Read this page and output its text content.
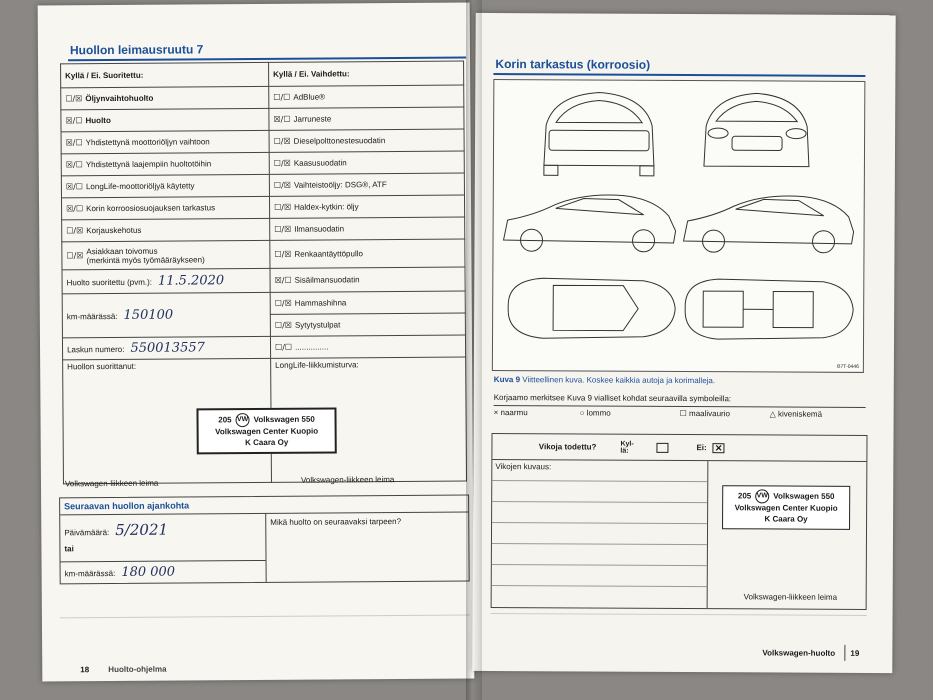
Huollon leimausruutu 7
Kyllä / Ei. Suoritettu:	Kyllä / Ei. Vaihdettu:
☐/☒ Öljynvaihtohuolto	☐/☐ AdBlue®
☒/☐ Huolto	☒/☐ Jarruneste
☒/☐ Yhdistettynä moottoriöljyn vaihtoon	☐/☒ Dieselpolttonestesuodatin
☒/☐ Yhdistettynä laajempiin huoltotöihin	☐/☒ Kaasusuodatin
☒/☐ LongLife-moottoriöljyä käytetty	☐/☒ Vaihteistoöljy: DSG®, ATF
☒/☐ Korin korroosiosuojauksen tarkastus	☐/☒ Haldex-kytkin: öljy
☐/☒ Korjauskehotus	☐/☒ Ilmansuodatin
☐/☒ Asiakkaan toivomus
(merkintä myös työmääräykseen)	☐/☒ Renkaantäyttöpullo
Huolto suoritettu (pvm.): 11.5.2020	☒/☐ Sisäilmansuodatin
km-määrässä: 150100	☐/☒ Hammashihna
	☐/☒ Sytytystulpat
Laskun numero: 550013557	☐/☐ ...............
Huollon suorittanut:	LongLife-liikkumisturva:
205 VW Volkswagen 550
Volkswagen Center Kuopio
K Caara Oy
Volkswagen-liikkeen leima	Volkswagen-liikkeen leima
Seuraavan huollon ajankohta
Päivämäärä: 5/2021
tai
km-määrässä: 180 000
Mikä huolto on seuraavaksi tarpeen?
18 Huolto-ohjelma
Korin tarkastus (korroosio)
B7T-0446
Kuva 9 Viitteellinen kuva. Koskee kaikkia autoja ja korimalleja.
Korjaamo merkitsee Kuva 9 vialliset kohdat seuraavilla symboleilla:
× naarmu	○ lommo	☐ maalivaurio	△ kiveniskemä
Vikoja todettu?	Kyl-
lä:	Ei: ✕
Vikojen kuvaus:
205 VW Volkswagen 550
Volkswagen Center Kuopio
K Caara Oy
Volkswagen-liikkeen leima
Volkswagen-huolto 19
